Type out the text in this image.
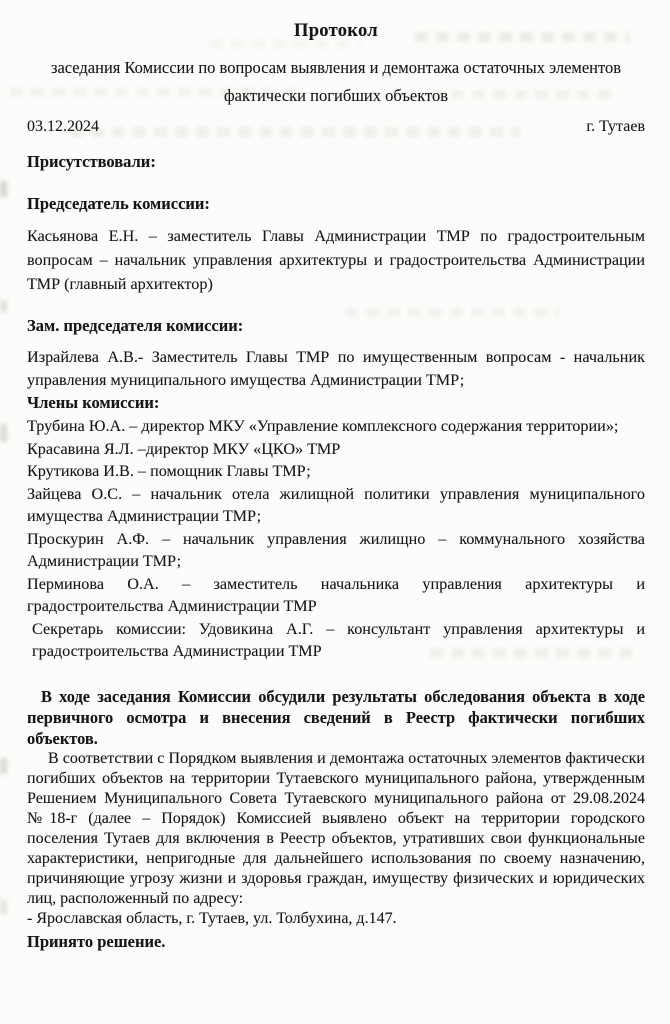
Протокол

заседания Комиссии по вопросам выявления и демонтажа остаточных элементов фактически погибших объектов

03.12.2024	г. Тутаев

Присутствовали:

Председатель комиссии:

Касьянова Е.Н. – заместитель Главы Администрации ТМР по градостроительным вопросам – начальник управления архитектуры и градостроительства Администрации ТМР (главный архитектор)

Зам. председателя комиссии:

Израйлева А.В.- Заместитель Главы ТМР по имущественным вопросам - начальник управления муниципального имущества Администрации ТМР;

Члены комиссии:

Трубина Ю.А. – директор МКУ «Управление комплексного содержания территории»;

Красавина Я.Л. –директор МКУ «ЦКО» ТМР

Крутикова И.В. – помощник Главы ТМР;

Зайцева О.С. – начальник отела жилищной политики управления муниципального имущества Администрации ТМР;

Проскурин А.Ф. – начальник управления жилищно – коммунального хозяйства Администрации ТМР;

Перминова О.А. – заместитель начальника управления архитектуры и градостроительства Администрации ТМР

Секретарь комиссии: Удовикина А.Г. – консультант управления архитектуры и градостроительства Администрации ТМР

В ходе заседания Комиссии обсудили результаты обследования объекта в ходе первичного осмотра и внесения сведений в Реестр фактически погибших объектов.

В соответствии с Порядком выявления и демонтажа остаточных элементов фактически погибших объектов на территории Тутаевского муниципального района, утвержденным Решением Муниципального Совета Тутаевского муниципального района от 29.08.2024 №18-г (далее – Порядок) Комиссией выявлено объект на территории городского поселения Тутаев для включения в Реестр объектов, утративших свои функциональные характеристики, непригодные для дальнейшего использования по своему назначению, причиняющие угрозу жизни и здоровья граждан, имуществу физических и юридических лиц, расположенный по адресу:

- Ярославская область, г. Тутаев, ул. Толбухина, д.147.

Принято решение.
